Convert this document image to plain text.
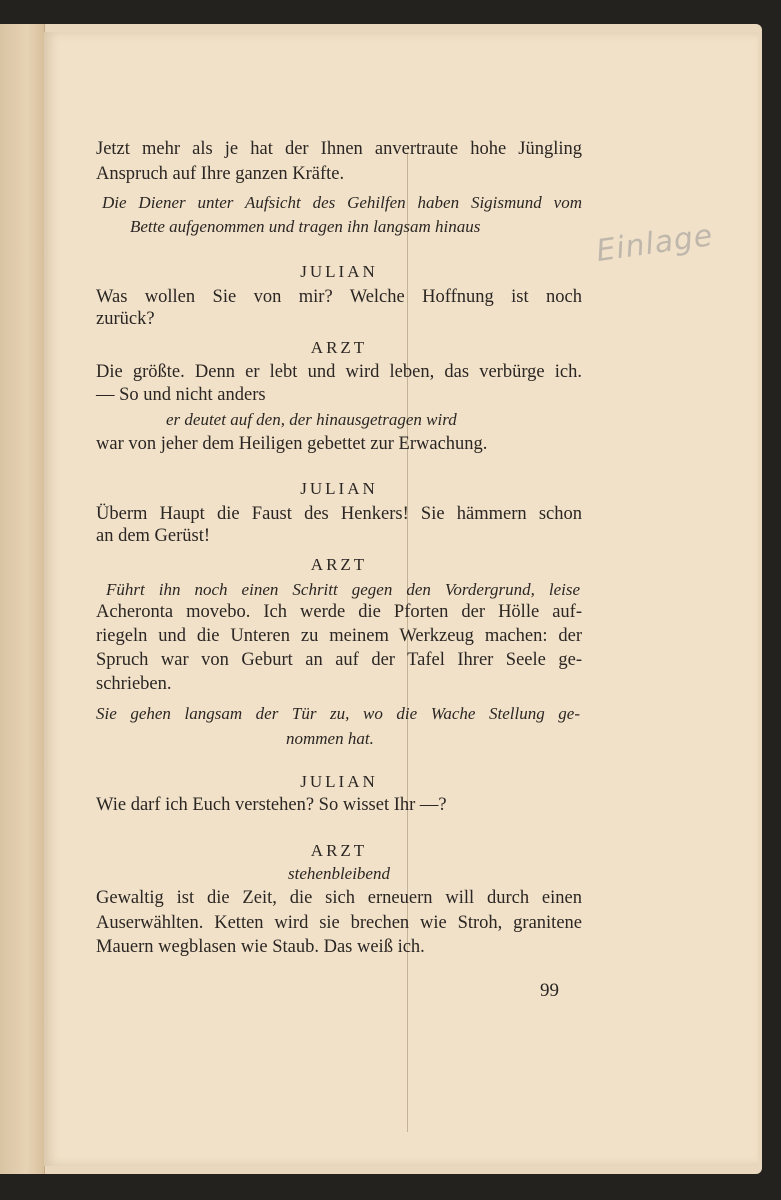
Einlage
Jetzt mehr als je hat der Ihnen anvertraute hohe Jüngling
Anspruch auf Ihre ganzen Kräfte.
Die Diener unter Aufsicht des Gehilfen haben Sigismund vom
Bette aufgenommen und tragen ihn langsam hinaus
JULIAN
Was wollen Sie von mir? Welche Hoffnung ist noch
zurück?
ARZT
Die größte. Denn er lebt und wird leben, das verbürge ich.
— So und nicht anders
er deutet auf den, der hinausgetragen wird
war von jeher dem Heiligen gebettet zur Erwachung.
JULIAN
Überm Haupt die Faust des Henkers! Sie hämmern schon
an dem Gerüst!
ARZT
Führt ihn noch einen Schritt gegen den Vordergrund, leise
Acheronta movebo. Ich werde die Pforten der Hölle auf-
riegeln und die Unteren zu meinem Werkzeug machen: der
Spruch war von Geburt an auf der Tafel Ihrer Seele ge-
schrieben.
Sie gehen langsam der Tür zu, wo die Wache Stellung ge-
nommen hat.
JULIAN
Wie darf ich Euch verstehen? So wisset Ihr —?
ARZT
stehenbleibend
Gewaltig ist die Zeit, die sich erneuern will durch einen
Auserwählten. Ketten wird sie brechen wie Stroh, granitene
Mauern wegblasen wie Staub. Das weiß ich.
99
